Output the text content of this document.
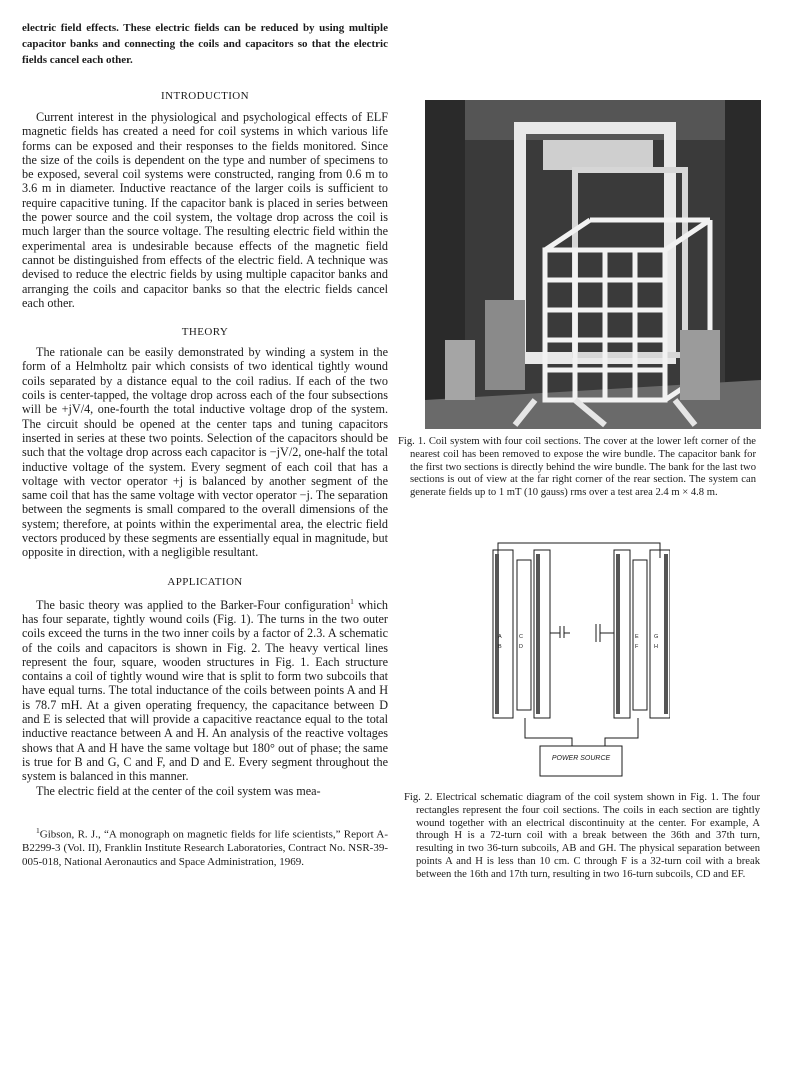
electric field effects. These electric fields can be reduced by using multiple capacitor banks and connecting the coils and capacitors so that the electric fields cancel each other.

INTRODUCTION

Current interest in the physiological and psychological effects of ELF magnetic fields has created a need for coil systems in which various life forms can be exposed and their responses to the fields monitored. Since the size of the coils is dependent on the type and number of specimens to be exposed, several coil systems were constructed, ranging from 0.6 m to 3.6 m in diameter. Inductive reactance of the larger coils is sufficient to require capacitive tuning. If the capacitor bank is placed in series between the power source and the coil system, the voltage drop across the coil is much larger than the source voltage. The resulting electric field within the experimental area is undesirable because effects of the magnetic field cannot be distinguished from effects of the electric field. A technique was devised to reduce the electric fields by using multiple capacitor banks and arranging the coils and capacitor banks so that the electric fields cancel each other.

THEORY

The rationale can be easily demonstrated by winding a system in the form of a Helmholtz pair which consists of two identical tightly wound coils separated by a distance equal to the coil radius. If each of the two coils is center-tapped, the voltage drop across each of the four subsections will be +jV/4, one-fourth the total inductive voltage drop of the system. The circuit should be opened at the center taps and tuning capacitors inserted in series at these two points. Selection of the capacitors should be such that the voltage drop across each capacitor is −jV/2, one-half the total inductive voltage of the system. Every segment of each coil that has a voltage with vector operator +j is balanced by another segment of the same coil that has the same voltage with vector operator −j. The separation between the segments is small compared to the overall dimensions of the system; therefore, at points within the experimental area, the electric field vectors produced by these segments are essentially equal in magnitude, but opposite in direction, with a negligible resultant.

APPLICATION

The basic theory was applied to the Barker-Four configuration$^1$ which has four separate, tightly wound coils (Fig. 1). The turns in the two outer coils exceed the turns in the two inner coils by a factor of 2.3. A schematic of the coils and capacitors is shown in Fig. 2. The heavy vertical lines represent the four, square, wooden structures in Fig. 1. Each structure contains a coil of tightly wound wire that is split to form two subcoils that have equal turns. The total inductance of the coils between points A and H is 78.7 mH. At a given operating frequency, the capacitance between D and E is selected that will provide a capacitive reactance equal to the total inductive reactance between A and H. An analysis of the reactive voltages shows that A and H have the same voltage but 180° out of phase; the same is true for B and G, C and F, and D and E. Every segment throughout the system is balanced in this manner.

The electric field at the center of the coil system was mea-

$^1$Gibson, R. J., “A monograph on magnetic fields for life scientists,” Report A-B2299-3 (Vol. II), Franklin Institute Research Laboratories, Contract No. NSR-39-005-018, National Aeronautics and Space Administration, 1969.

Fig. 1. Coil system with four coil sections. The cover at the lower left corner of the nearest coil has been removed to expose the wire bundle. The capacitor bank for the first two sections is directly behind the wire bundle. The bank for the last two sections is out of view at the far right corner of the rear section. The system can generate fields up to 1 mT (10 gauss) rms over a test area 2.4 m × 4.8 m.

A
B
C
D
E
F
G
H
POWER SOURCE

Fig. 2. Electrical schematic diagram of the coil system shown in Fig. 1. The four rectangles represent the four coil sections. The coils in each section are tightly wound together with an electrical discontinuity at the center. For example, A through H is a 72-turn coil with a break between the 36th and 37th turn, resulting in two 36-turn subcoils, AB and GH. The physical separation between points A and H is less than 10 cm. C through F is a 32-turn coil with a break between the 16th and 17th turn, resulting in two 16-turn subcoils, CD and EF.
